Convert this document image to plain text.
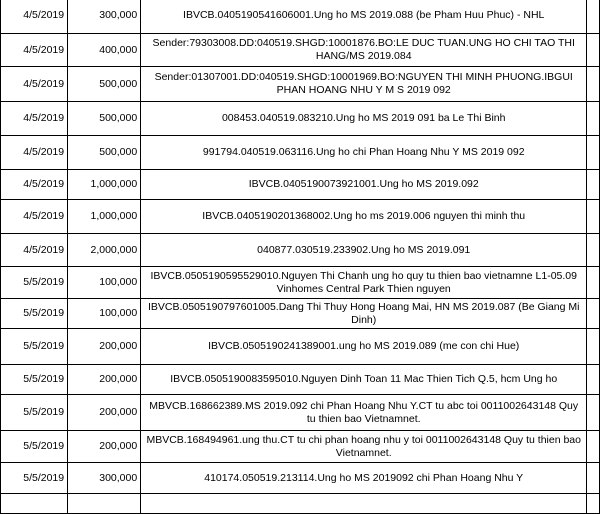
4/5/2019	300,000	IBVCB.0405190541606001.Ung ho MS 2019.088 (be Pham Huu Phuc) - NHL	
4/5/2019	400,000	Sender:79303008.DD:040519.SHGD:10001876.BO:LE DUC TUAN.UNG HO CHI TAO THI HANG/MS 2019.084	
4/5/2019	500,000	Sender:01307001.DD:040519.SHGD:10001969.BO:NGUYEN THI MINH PHUONG.IBGUI PHAN HOANG NHU Y M S 2019 092	
4/5/2019	500,000	008453.040519.083210.Ung ho MS 2019 091 ba Le Thi Binh	
4/5/2019	500,000	991794.040519.063116.Ung ho chi Phan Hoang Nhu Y MS 2019 092	
4/5/2019	1,000,000	IBVCB.0405190073921001.Ung ho MS 2019.092	
4/5/2019	1,000,000	IBVCB.0405190201368002.Ung ho ms 2019.006 nguyen thi minh thu	
4/5/2019	2,000,000	040877.030519.233902.Ung ho MS 2019.091	
5/5/2019	100,000	IBVCB.0505190595529010.Nguyen Thi Chanh ung ho quy tu thien bao vietnamne L1-05.09 Vinhomes Central Park Thien nguyen	
5/5/2019	100,000	IBVCB.0505190797601005.Dang Thi Thuy Hong Hoang Mai, HN MS 2019.087 (Be Giang Mi Dinh)	
5/5/2019	200,000	IBVCB.0505190241389001.ung ho MS 2019.089 (me con chi Hue)	
5/5/2019	200,000	IBVCB.0505190083595010.Nguyen Dinh Toan 11 Mac Thien Tich Q.5, hcm Ung ho	
5/5/2019	200,000	MBVCB.168662389.MS 2019.092 chi Phan Hoang Nhu Y.CT tu abc toi 0011002643148 Quy tu thien bao Vietnamnet.	
5/5/2019	200,000	MBVCB.168494961.ung thu.CT tu chi phan hoang nhu y toi 0011002643148 Quy tu thien bao Vietnamnet.	
5/5/2019	300,000	410174.050519.213114.Ung ho MS 2019092 chi Phan Hoang Nhu Y	
